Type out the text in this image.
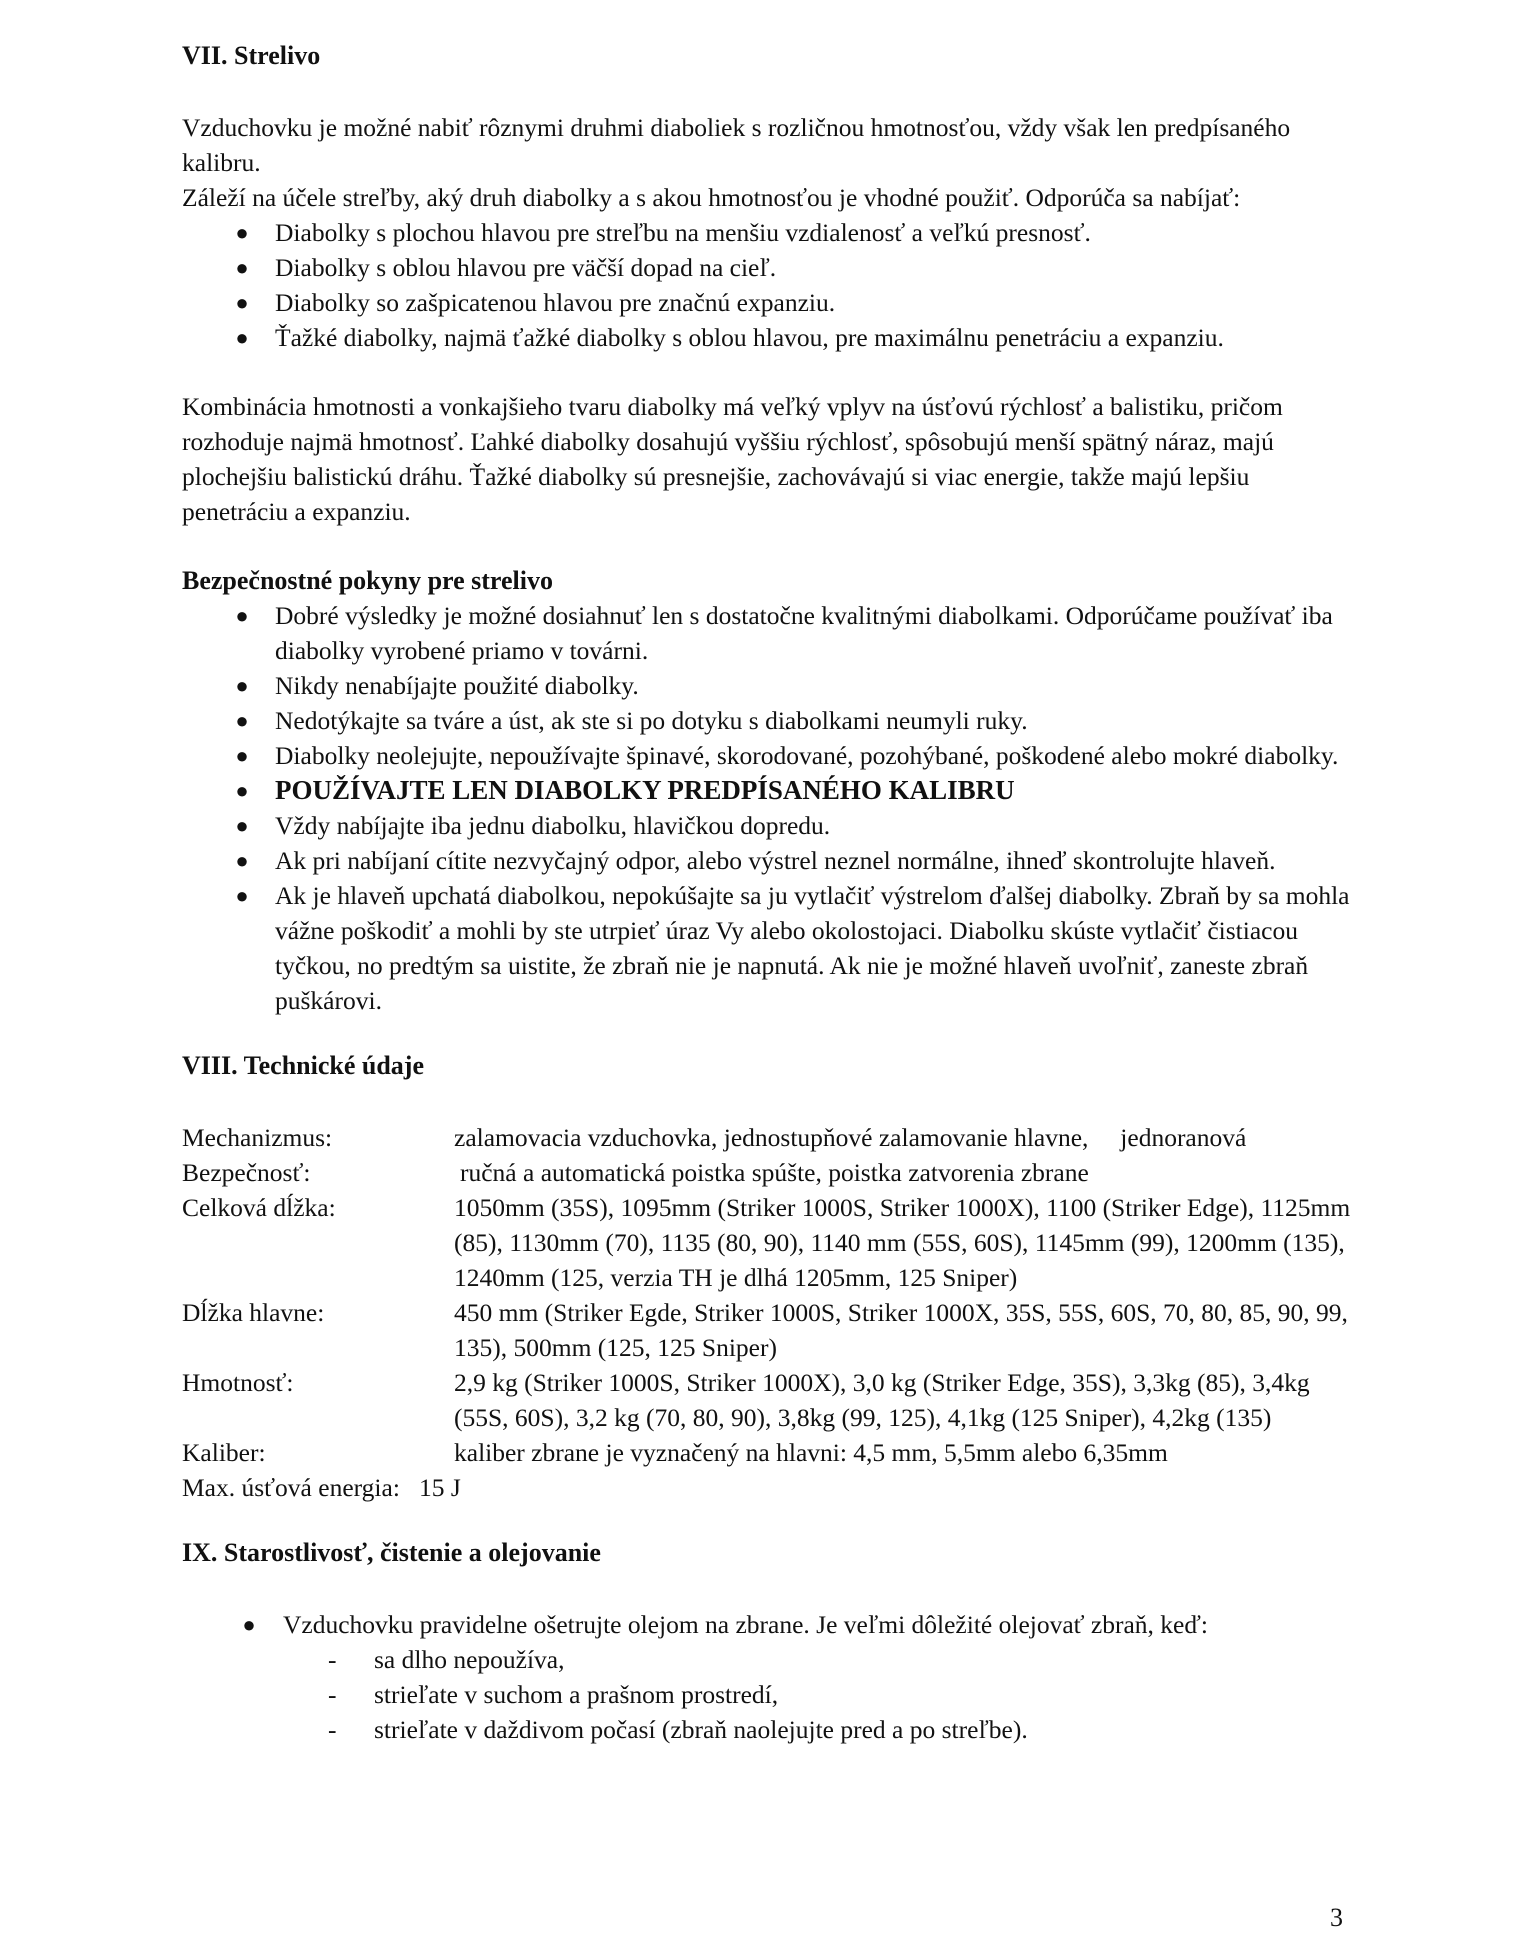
VII. Strelivo

Vzduchovku je možné nabiť rôznymi druhmi diaboliek s rozličnou hmotnosťou, vždy však len predpísaného kalibru.

Záleží na účele streľby, aký druh diabolky a s akou hmotnosťou je vhodné použiť. Odporúča sa nabíjať:

● Diabolky s plochou hlavou pre streľbu na menšiu vzdialenosť a veľkú presnosť.
● Diabolky s oblou hlavou pre väčší dopad na cieľ.
● Diabolky so zašpicatenou hlavou pre značnú expanziu.
● Ťažké diabolky, najmä ťažké diabolky s oblou hlavou, pre maximálnu penetráciu a expanziu.

Kombinácia hmotnosti a vonkajšieho tvaru diabolky má veľký vplyv na úsťovú rýchlosť a balistiku, pričom rozhoduje najmä hmotnosť. Ľahké diabolky dosahujú vyššiu rýchlosť, spôsobujú menší spätný náraz, majú plochejšiu balistickú dráhu. Ťažké diabolky sú presnejšie, zachovávajú si viac energie, takže majú lepšiu penetráciu a expanziu.

Bezpečnostné pokyny pre strelivo
● Dobré výsledky je možné dosiahnuť len s dostatočne kvalitnými diabolkami. Odporúčame používať iba diabolky vyrobené priamo v továrni.
● Nikdy nenabíjajte použité diabolky.
● Nedotýkajte sa tváre a úst, ak ste si po dotyku s diabolkami neumyli ruky.
● Diabolky neolejujte, nepoužívajte špinavé, skorodované, pozohýbané, poškodené alebo mokré diabolky.
● POUŽÍVAJTE LEN DIABOLKY PREDPÍSANÉHO KALIBRU
● Vždy nabíjajte iba jednu diabolku, hlavičkou dopredu.
● Ak pri nabíjaní cítite nezvyčajný odpor, alebo výstrel neznel normálne, ihneď skontrolujte hlaveň.
● Ak je hlaveň upchatá diabolkou, nepokúšajte sa ju vytlačiť výstrelom ďalšej diabolky. Zbraň by sa mohla vážne poškodiť a mohli by ste utrpieť úraz Vy alebo okolostojaci. Diabolku skúste vytlačiť čistiacou tyčkou, no predtým sa uistite, že zbraň nie je napnutá. Ak nie je možné hlaveň uvoľniť, zaneste zbraň puškárovi.
VIII. Technické údaje
Mechanizmus:	zalamovacia vzduchovka, jednostupňové zalamovanie hlavne,     jednoranová
Bezpečnosť:	ručná a automatická poistka spúšte, poistka zatvorenia zbrane
Celková dĺžka:	1050mm (35S), 1095mm (Striker 1000S, Striker 1000X), 1100 (Striker Edge), 1125mm (85), 1130mm (70), 1135 (80, 90), 1140 mm (55S, 60S), 1145mm (99), 1200mm (135), 1240mm (125, verzia TH je dlhá 1205mm, 125 Sniper)
Dĺžka hlavne:	450 mm (Striker Egde, Striker 1000S, Striker 1000X, 35S, 55S, 60S, 70, 80, 85, 90, 99, 135), 500mm (125, 125 Sniper)
Hmotnosť:	2,9 kg (Striker 1000S, Striker 1000X), 3,0 kg (Striker Edge, 35S), 3,3kg (85), 3,4kg (55S, 60S), 3,2 kg (70, 80, 90), 3,8kg (99, 125), 4,1kg (125 Sniper), 4,2kg (135)
Kaliber:	kaliber zbrane je vyznačený na hlavni: 4,5 mm, 5,5mm alebo 6,35mm

Max. úsťová energia: 15 J

IX. Starostlivosť, čistenie a olejovanie
● Vzduchovku pravidelne ošetrujte olejom na zbrane. Je veľmi dôležité olejovať zbraň, keď:
- sa dlho nepoužíva,
- strieľate v suchom a prašnom prostredí,
- strieľate v daždivom počasí (zbraň naolejujte pred a po streľbe).
3
